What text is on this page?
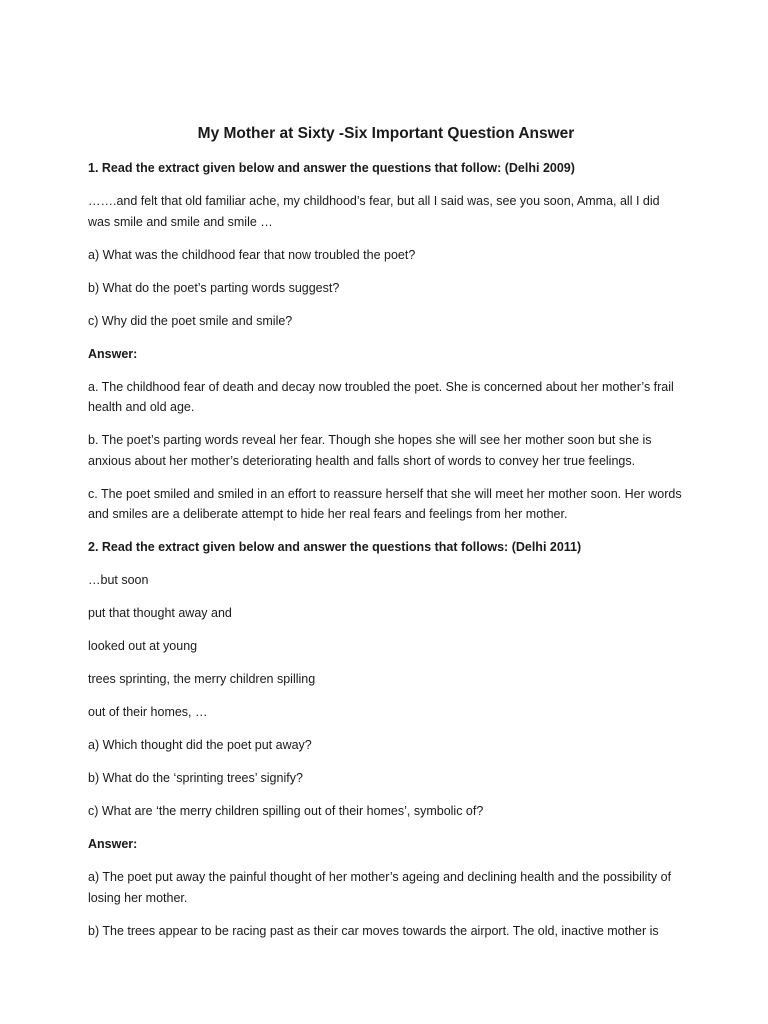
My Mother at Sixty -Six Important Question Answer
1. Read the extract given below and answer the questions that follow: (Delhi 2009)
…….and felt that old familiar ache, my childhood’s fear, but all I said was, see you soon, Amma, all I did was smile and smile and smile …
a) What was the childhood fear that now troubled the poet?
b) What do the poet’s parting words suggest?
c) Why did the poet smile and smile?
Answer:
a. The childhood fear of death and decay now troubled the poet. She is concerned about her mother’s frail health and old age.
b. The poet’s parting words reveal her fear. Though she hopes she will see her mother soon but she is anxious about her mother’s deteriorating health and falls short of words to convey her true feelings.
c. The poet smiled and smiled in an effort to reassure herself that she will meet her mother soon. Her words and smiles are a deliberate attempt to hide her real fears and feelings from her mother.
2. Read the extract given below and answer the questions that follows: (Delhi 2011)
…but soon
put that thought away and
looked out at young
trees sprinting, the merry children spilling
out of their homes, …
a) Which thought did the poet put away?
b) What do the ‘sprinting trees’ signify?
c) What are ‘the merry children spilling out of their homes’, symbolic of?
Answer:
a) The poet put away the painful thought of her mother’s ageing and declining health and the possibility of losing her mother.
b) The trees appear to be racing past as their car moves towards the airport. The old, inactive mother is
